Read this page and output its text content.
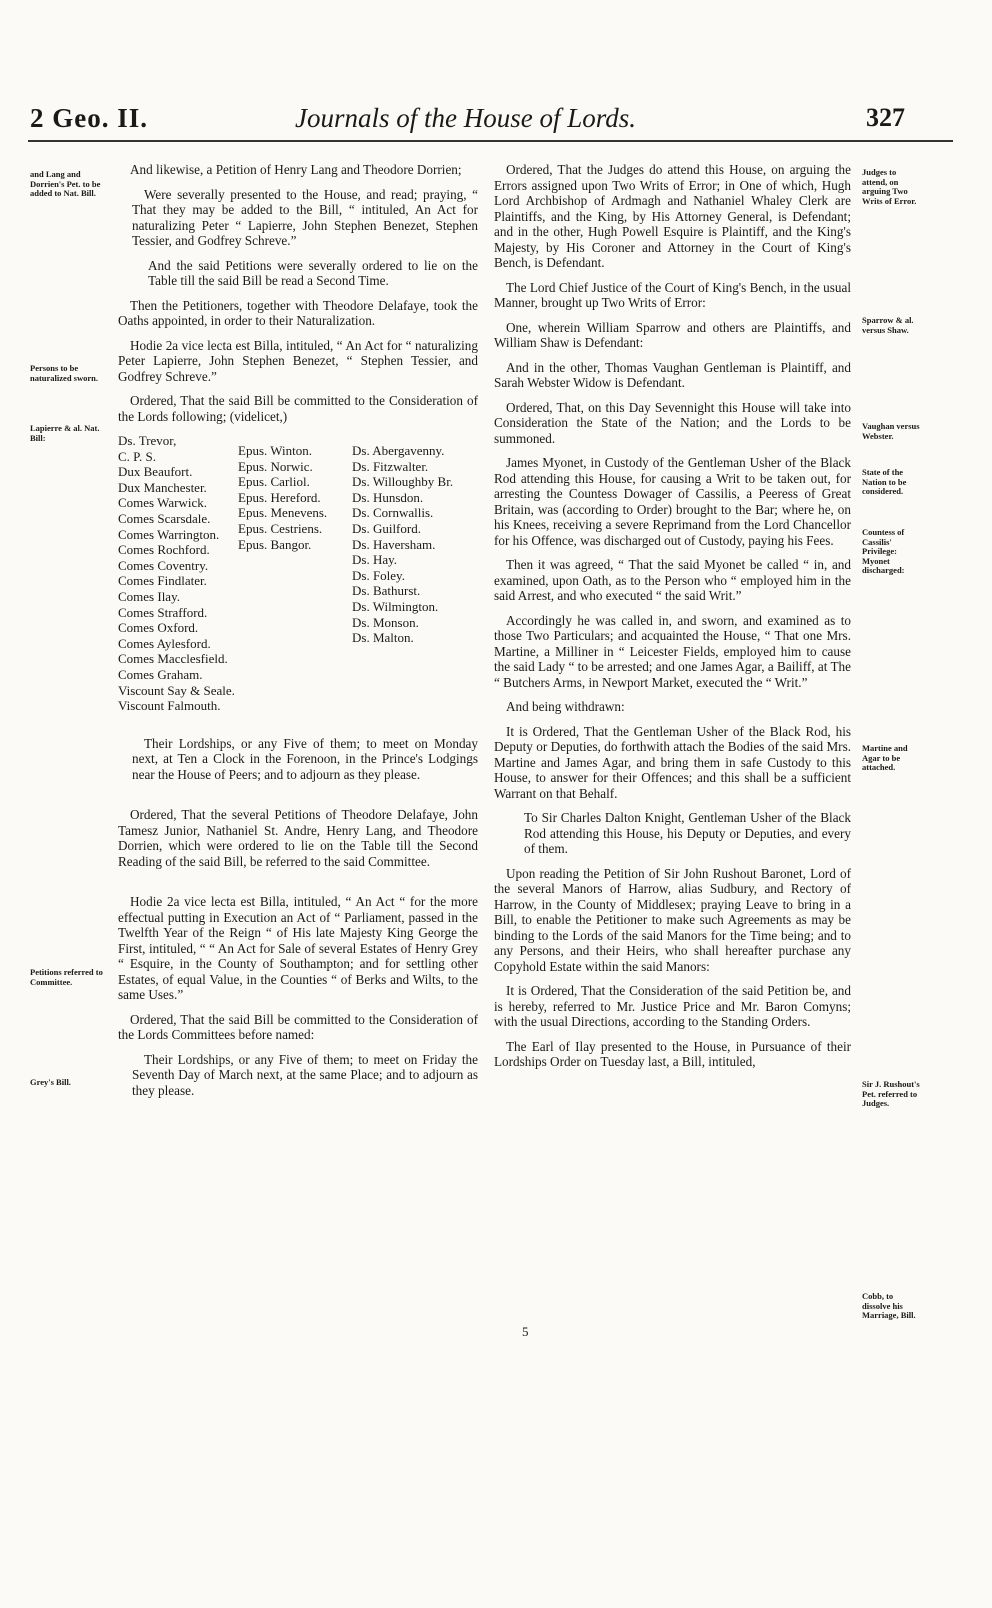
2 Geo. II.	Journals of the House of Lords.	327
and Lang and Dorrien's Pet. to be added to Nat. Bill.
Persons to be naturalized sworn.
Lapierre & al. Nat. Bill:
Petitions referred to Committee.
Grey's Bill.

And likewise, a Petition of Henry Lang and Theodore Dorrien;

Were severally presented to the House, and read; praying, “ That they may be added to the Bill, “ intituled, An Act for naturalizing Peter “ Lapierre, John Stephen Benezet, Stephen Tessier, and Godfrey Schreve.”

And the said Petitions were severally ordered to lie on the Table till the said Bill be read a Second Time.

Then the Petitioners, together with Theodore Delafaye, took the Oaths appointed, in order to their Naturalization.

Hodie 2a vice lecta est Billa, intituled, “ An Act for “ naturalizing Peter Lapierre, John Stephen Benezet, “ Stephen Tessier, and Godfrey Schreve.”

Ordered, That the said Bill be committed to the Consideration of the Lords following; (videlicet,)

Ds. Trevor,
C. P. S.
Dux Beaufort.
Dux Manchester.
Comes Warwick.
Comes Scarsdale.
Comes Warrington.
Comes Rochford.
Comes Coventry.
Comes Findlater.
Comes Ilay.
Comes Strafford.
Comes Oxford.
Comes Aylesford.
Comes Macclesfield.
Comes Graham.
Viscount Say & Seale.
Viscount Falmouth.
Epus. Winton.
Epus. Norwic.
Epus. Carliol.
Epus. Hereford.
Epus. Menevens.
Epus. Cestriens.
Epus. Bangor.
Ds. Abergavenny.
Ds. Fitzwalter.
Ds. Willoughby Br.
Ds. Hunsdon.
Ds. Cornwallis.
Ds. Guilford.
Ds. Haversham.
Ds. Hay.
Ds. Foley.
Ds. Bathurst.
Ds. Wilmington.
Ds. Monson.
Ds. Malton.

Their Lordships, or any Five of them; to meet on Monday next, at Ten a Clock in the Forenoon, in the Prince's Lodgings near the House of Peers; and to adjourn as they please.

Ordered, That the several Petitions of Theodore Delafaye, John Tamesz Junior, Nathaniel St. Andre, Henry Lang, and Theodore Dorrien, which were ordered to lie on the Table till the Second Reading of the said Bill, be referred to the said Committee.

Hodie 2a vice lecta est Billa, intituled, “ An Act “ for the more effectual putting in Execution an Act of “ Parliament, passed in the Twelfth Year of the Reign “ of His late Majesty King George the First, intituled, “ “ An Act for Sale of several Estates of Henry Grey “ Esquire, in the County of Southampton; and for settling other Estates, of equal Value, in the Counties “ of Berks and Wilts, to the same Uses.”

Ordered, That the said Bill be committed to the Consideration of the Lords Committees before named:

Their Lordships, or any Five of them; to meet on Friday the Seventh Day of March next, at the same Place; and to adjourn as they please.

Ordered, That the Judges do attend this House, on arguing the Errors assigned upon Two Writs of Error; in One of which, Hugh Lord Archbishop of Ardmagh and Nathaniel Whaley Clerk are Plaintiffs, and the King, by His Attorney General, is Defendant; and in the other, Hugh Powell Esquire is Plaintiff, and the King's Majesty, by His Coroner and Attorney in the Court of King's Bench, is Defendant.

The Lord Chief Justice of the Court of King's Bench, in the usual Manner, brought up Two Writs of Error:

One, wherein William Sparrow and others are Plaintiffs, and William Shaw is Defendant:

And in the other, Thomas Vaughan Gentleman is Plaintiff, and Sarah Webster Widow is Defendant.

Ordered, That, on this Day Sevennight this House will take into Consideration the State of the Nation; and the Lords to be summoned.

James Myonet, in Custody of the Gentleman Usher of the Black Rod attending this House, for causing a Writ to be taken out, for arresting the Countess Dowager of Cassilis, a Peeress of Great Britain, was (according to Order) brought to the Bar; where he, on his Knees, receiving a severe Reprimand from the Lord Chancellor for his Offence, was discharged out of Custody, paying his Fees.

Then it was agreed, “ That the said Myonet be called “ in, and examined, upon Oath, as to the Person who “ employed him in the said Arrest, and who executed “ the said Writ.”

Accordingly he was called in, and sworn, and examined as to those Two Particulars; and acquainted the House, “ That one Mrs. Martine, a Milliner in “ Leicester Fields, employed him to cause the said Lady “ to be arrested; and one James Agar, a Bailiff, at The “ Butchers Arms, in Newport Market, executed the “ Writ.”

And being withdrawn:

It is Ordered, That the Gentleman Usher of the Black Rod, his Deputy or Deputies, do forthwith attach the Bodies of the said Mrs. Martine and James Agar, and bring them in safe Custody to this House, to answer for their Offences; and this shall be a sufficient Warrant on that Behalf.

To Sir Charles Dalton Knight, Gentleman Usher of the Black Rod attending this House, his Deputy or Deputies, and every of them.

Upon reading the Petition of Sir John Rushout Baronet, Lord of the several Manors of Harrow, alias Sudbury, and Rectory of Harrow, in the County of Middlesex; praying Leave to bring in a Bill, to enable the Petitioner to make such Agreements as may be binding to the Lords of the said Manors for the Time being; and to any Persons, and their Heirs, who shall hereafter purchase any Copyhold Estate within the said Manors:

It is Ordered, That the Consideration of the said Petition be, and is hereby, referred to Mr. Justice Price and Mr. Baron Comyns; with the usual Directions, according to the Standing Orders.

The Earl of Ilay presented to the House, in Pursuance of their Lordships Order on Tuesday last, a Bill, intituled,

Judges to attend, on arguing Two Writs of Error.
Sparrow & al. versus Shaw.
Vaughan versus Webster.
State of the Nation to be considered.
Countess of Cassilis' Privilege: Myonet discharged:
Martine and Agar to be attached.
Sir J. Rushout's Pet. referred to Judges.
Cobb, to dissolve his Marriage, Bill.
5
